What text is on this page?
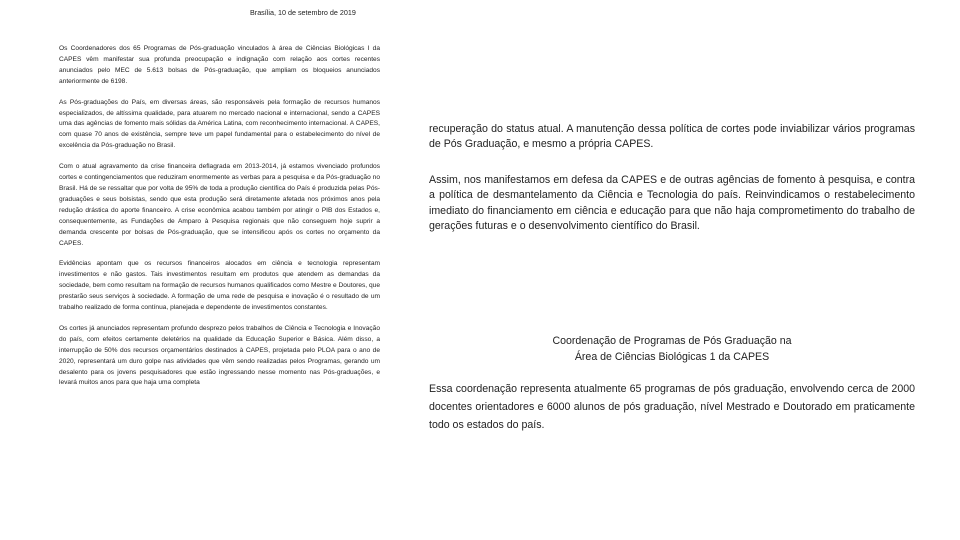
Brasília, 10 de setembro de 2019

Os Coordenadores dos 65 Programas de Pós-graduação vinculados à área de Ciências Biológicas I da CAPES vêm manifestar sua profunda preocupação e indignação com relação aos cortes recentes anunciados pelo MEC de 5.613 bolsas de Pós-graduação, que ampliam os bloqueios anunciados anteriormente de 6198.

As Pós-graduações do País, em diversas áreas, são responsáveis pela formação de recursos humanos especializados, de altíssima qualidade, para atuarem no mercado nacional e internacional, sendo a CAPES uma das agências de fomento mais sólidas da América Latina, com reconhecimento internacional. A CAPES, com quase 70 anos de existência, sempre teve um papel fundamental para o estabelecimento do nível de excelência da Pós-graduação no Brasil.

Com o atual agravamento da crise financeira deflagrada em 2013-2014, já estamos vivenciado profundos cortes e contingenciamentos que reduziram enormemente as verbas para a pesquisa e da Pós-graduação no Brasil. Há de se ressaltar que por volta de 95% de toda a produção científica do País é produzida pelas Pós-graduações e seus bolsistas, sendo que esta produção será diretamente afetada nos próximos anos pela redução drástica do aporte financeiro. A crise econômica acabou também por atingir o PIB dos Estados e, consequentemente, as Fundações de Amparo à Pesquisa regionais que não conseguem hoje suprir a demanda crescente por bolsas de Pós-graduação, que se intensificou após os cortes no orçamento da CAPES.

Evidências apontam que os recursos financeiros alocados em ciência e tecnologia representam investimentos e não gastos. Tais investimentos resultam em produtos que atendem as demandas da sociedade, bem como resultam na formação de recursos humanos qualificados como Mestre e Doutores, que prestarão seus serviços à sociedade. A formação de uma rede de pesquisa e inovação é o resultado de um trabalho realizado de forma contínua, planejada e dependente de investimentos constantes.

Os cortes já anunciados representam profundo desprezo pelos trabalhos de Ciência e Tecnologia e Inovação do país, com efeitos certamente deletérios na qualidade da Educação Superior e Básica. Além disso, a interrupção de 50% dos recursos orçamentários destinados à CAPES, projetada pelo PLOA para o ano de 2020, representará um duro golpe nas atividades que vêm sendo realizadas pelos Programas, gerando um desalento para os jovens pesquisadores que estão ingressando nesse momento nas Pós-graduações, e levará muitos anos para que haja uma completa

recuperação do status atual. A manutenção dessa política de cortes pode inviabilizar vários programas de Pós Graduação, e mesmo a própria CAPES.

Assim, nos manifestamos em defesa da CAPES e de outras agências de fomento à pesquisa, e contra a política de desmantelamento da Ciência e Tecnologia do país. Reinvindicamos o restabelecimento imediato do financiamento em ciência e educação para que não haja comprometimento do trabalho de gerações futuras e o desenvolvimento científico do Brasil.

Coordenação de Programas de Pós Graduação na
Área de Ciências Biológicas 1 da CAPES

Essa coordenação representa atualmente 65 programas de pós graduação, envolvendo cerca de 2000 docentes orientadores e 6000 alunos de pós graduação, nível Mestrado e Doutorado em praticamente todo os estados do país.
